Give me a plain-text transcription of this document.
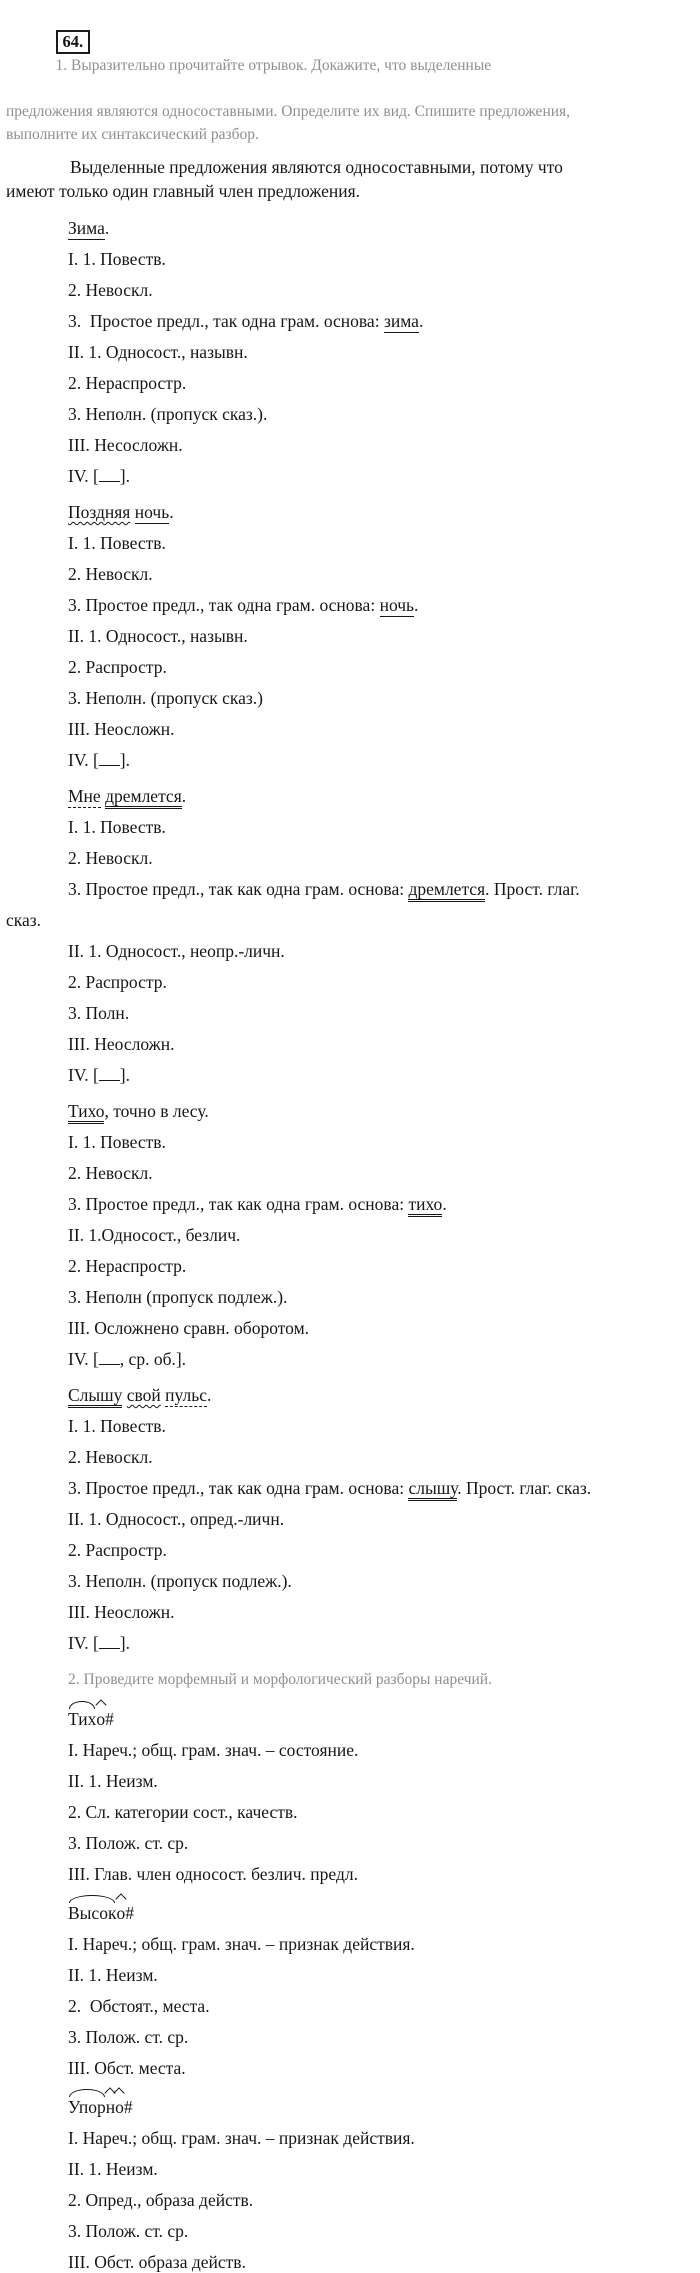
64.
1. Выразительно прочитайте отрывок. Докажите, что выделенные

предложения являются односоставными. Определите их вид. Спишите предложения,
выполните их синтаксический разбор.
Выделенные предложения являются односоставными, потому что
имеют только один главный член предложения.
Зима.
I. 1. Повеств.
2. Невоскл.
3.  Простое предл., так одна грам. основа: зима.
II. 1. Односост., назывн.
2. Нераспростр.
3. Неполн. (пропуск сказ.).
III. Несосложн.
IV. [ ].
Поздняя ночь.
I. 1. Повеств.
2. Невоскл.
3. Простое предл., так одна грам. основа: ночь.
II. 1. Односост., назывн.
2. Распростр.
3. Неполн. (пропуск сказ.)
III. Неосложн.
IV. [ ].
Мне дремлется.
I. 1. Повеств.
2. Невоскл.
3. Простое предл., так как одна грам. основа: дремлется. Прост. глаг.
сказ.
II. 1. Односост., неопр.-личн.
2. Распростр.
3. Полн.
III. Неосложн.
IV. [ ].
Тихо, точно в лесу.
I. 1. Повеств.
2. Невоскл.
3. Простое предл., так как одна грам. основа: тихо.
II. 1.Односост., безлич.
2. Нераспростр.
3. Неполн (пропуск подлеж.).
III. Осложнено сравн. оборотом.
IV. [ , ср. об.].
Слышу свой пульс.
I. 1. Повеств.
2. Невоскл.
3. Простое предл., так как одна грам. основа: слышу. Прост. глаг. сказ.
II. 1. Односост., опред.-личн.
2. Распростр.
3. Неполн. (пропуск подлеж.).
III. Неосложн.
IV. [ ].
2. Проведите морфемный и морфологический разборы наречий.
Тихо#
I. Нареч.; общ. грам. знач. – состояние.
II. 1. Неизм.
2. Сл. категории сост., качеств.
3. Полож. ст. ср.
III. Глав. член односост. безлич. предл.
Высоко#
I. Нареч.; общ. грам. знач. – признак действия.
II. 1. Неизм.
2.  Обстоят., места.
3. Полож. ст. ср.
III. Обст. места.
Упорно#
I. Нареч.; общ. грам. знач. – признак действия.
II. 1. Неизм.
2. Опред., образа действ.
3. Полож. ст. ср.
III. Обст. образа действ.
